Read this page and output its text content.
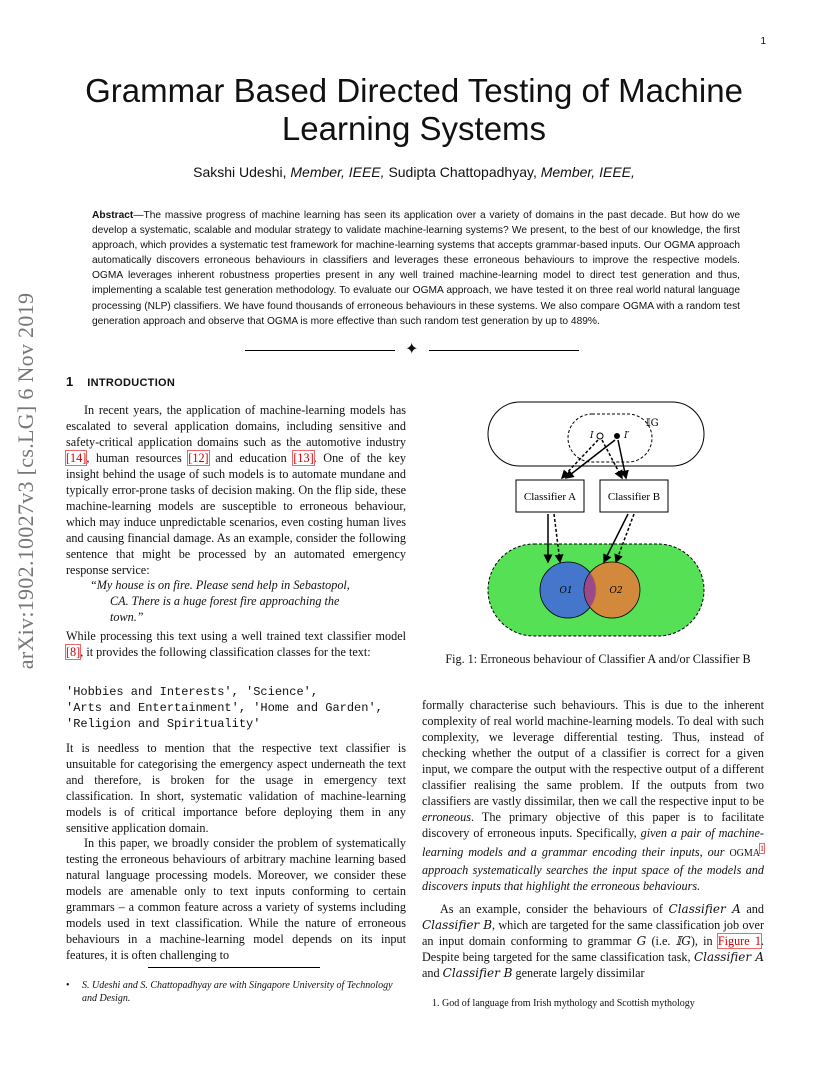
1
arXiv:1902.10027v3 [cs.LG] 6 Nov 2019
Grammar Based Directed Testing of Machine Learning Systems
Sakshi Udeshi, Member, IEEE, Sudipta Chattopadhyay, Member, IEEE,
Abstract—The massive progress of machine learning has seen its application over a variety of domains in the past decade. But how do we develop a systematic, scalable and modular strategy to validate machine-learning systems? We present, to the best of our knowledge, the first approach, which provides a systematic test framework for machine-learning systems that accepts grammar-based inputs. Our OGMA approach automatically discovers erroneous behaviours in classifiers and leverages these erroneous behaviours to improve the respective models. OGMA leverages inherent robustness properties present in any well trained machine-learning model to direct test generation and thus, implementing a scalable test generation methodology. To evaluate our OGMA approach, we have tested it on three real world natural language processing (NLP) classifiers. We have found thousands of erroneous behaviours in these systems. We also compare OGMA with a random test generation approach and observe that OGMA is more effective than such random test generation by up to 489%.
✦
1 INTRODUCTION
In recent years, the application of machine-learning models has escalated to several application domains, including sensitive and safety-critical application domains such as the automotive industry [14], human resources [12] and education [13]. One of the key insight behind the usage of such models is to automate mundane and typically error-prone tasks of decision making. On the flip side, these machine-learning models are susceptible to erroneous behaviour, which may induce unpredictable scenarios, even costing human lives and causing financial damage. As an example, consider the following sentence that might be processed by an automated emergency response service:
“My house is on fire. Please send help in Sebastopol,

CA. There is a huge forest fire approaching the
town.”
While processing this text using a well trained text classifier model [8], it provides the following classification classes for the text:
'Hobbies and Interests', 'Science',
'Arts and Entertainment', 'Home and Garden',
'Religion and Spirituality'
It is needless to mention that the respective text classifier is unsuitable for categorising the emergency aspect underneath the text and therefore, is broken for the usage in emergency text classification. In short, systematic validation of machine-learning models is of critical importance before deploying them in any sensitive application domain.
In this paper, we broadly consider the problem of systematically testing the erroneous behaviours of arbitrary machine learning based natural language processing models. Moreover, we consider these models are amenable only to text inputs conforming to certain grammars – a common feature across a variety of systems including models used in text classification. While the nature of erroneous behaviours in a machine-learning model depends on its input features, it is often challenging to
•	S. Udeshi and S. Chattopadhyay are with Singapore University of Technology and Design.
𝕀G
I	I′
Classifier A	Classifier B
O1	O2
Fig. 1: Erroneous behaviour of Classifier A and/or Classifier B
formally characterise such behaviours. This is due to the inherent complexity of real world machine-learning models. To deal with such complexity, we leverage differential testing. Thus, instead of checking whether the output of a classifier is correct for a given input, we compare the output with the respective output of a different classifier realising the same problem. If the outputs from two classifiers are vastly dissimilar, then we call the respective input to be erroneous. The primary objective of this paper is to facilitate discovery of erroneous inputs. Specifically, given a pair of machine-learning models and a grammar encoding their inputs, our OGMA$^1$ approach systematically searches the input space of the models and discovers inputs that highlight the erroneous behaviours.
As an example, consider the behaviours of Classifier A and Classifier B, which are targeted for the same classification job over an input domain conforming to grammar G (i.e. 𝕀G), in Figure 1. Despite being targeted for the same classification task, Classifier A and Classifier B generate largely dissimilar
1. God of language from Irish mythology and Scottish mythology
